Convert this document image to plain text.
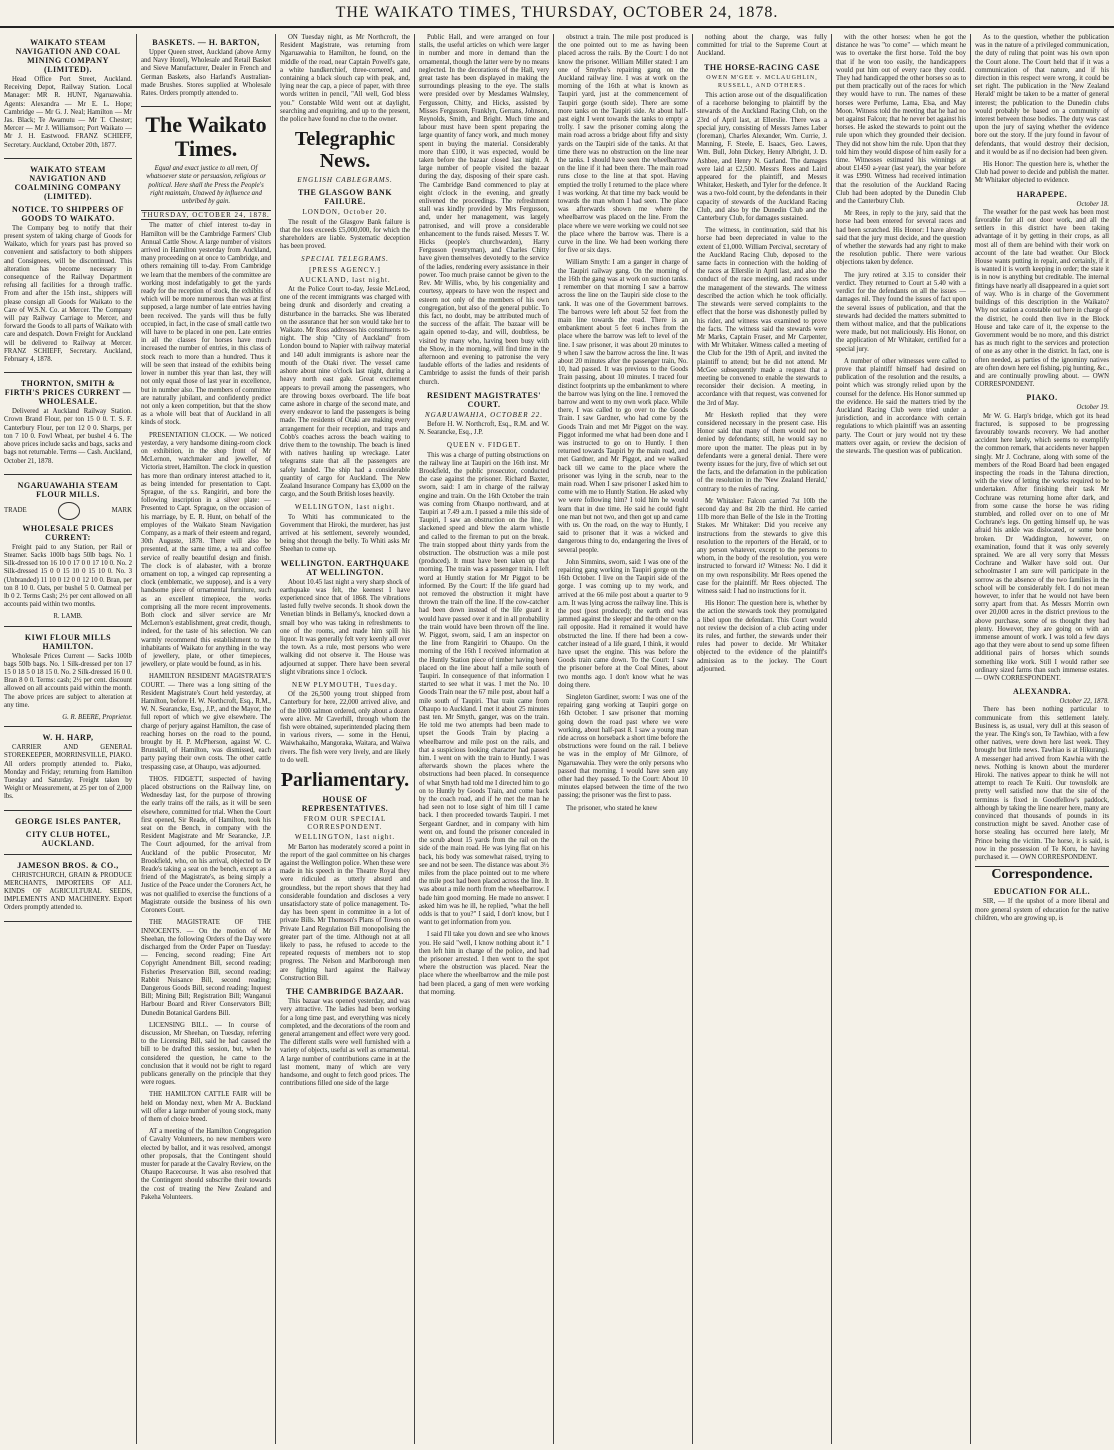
THE WAIKATO TIMES, THURSDAY, OCTOBER 24, 1878.
WAIKATO STEAM NAVIGATION AND COAL MINING COMPANY (LIMITED).

Head Office Port Street, Auckland. Receiving Depot, Railway Station. Local Manager: MR R. HUNT, Ngaruawahia. Agents: Alexandra — Mr E. L. Hope; Cambridge — Mr G. J. Neal; Hamilton — Mr Jas. Black; Te Awamutu — Mr T. Chester; Mercer — Mr J. Williamson; Port Waikato — Mr J. H. Eastwood. FRANZ SCHIEFF, Secretary. Auckland, October 20th, 1877.

WAIKATO STEAM NAVIGATION AND COALMINING COMPANY (LIMITED).
NOTICE. TO SHIPPERS OF GOODS TO WAIKATO.

The Company beg to notify that their present system of taking charge of Goods for Waikato, which for years past has proved so convenient and satisfactory to both shippers and Consignees, will be discontinued. This alteration has become necessary in consequence of the Railway Department refusing all facilities for a through traffic. From and after the 15th inst., shippers will please consign all Goods for Waikato to the Care of W.S.N. Co. at Mercer. The Company will pay Railway Carriage to Mercer, and forward the Goods to all parts of Waikato with care and despatch. Down Freight for Auckland will be delivered to Railway at Mercer. FRANZ SCHIEFF, Secretary. Auckland, February 4, 1878.

THORNTON, SMITH & FIRTH'S PRICES CURRENT — WHOLESALE.

Delivered at Auckland Railway Station. Crown Brand Flour, per ton 15 0 0. T. S. F. Canterbury Flour, per ton 12 0 0. Sharps, per ton 7 10 0. Fowl Wheat, per bushel 4 6. The above prices include sacks and bags, sacks and bags not returnable. Terms — Cash. Auckland, October 21, 1878.

NGARUAWAHIA STEAM FLOUR MILLS.
TRADE	MARK
WHOLESALE PRICES CURRENT:

Freight paid to any Station, per Rail or Steamer. Sacks 100lb bags 50lb bags. No. 1 Silk-dressed ton 16 10 0 17 0 0 17 10 0. No. 2 Silk-dressed 15 0 0 15 10 0 15 10 0. No. 3 (Unbranded) 11 10 0 12 0 0 12 10 0. Bran, per ton 8 10 0. Oats, per bushel 5 0. Oatmeal per lb 0 2. Terms Cash; 2½ per cent allowed on all accounts paid within two months.

R. LAMB.
KIWI FLOUR MILLS HAMILTON.

Wholesale Prices Current — Sacks 100lb bags 50lb bags. No. 1 Silk-dressed per ton 17 15 0 18 5 0 18 15 0. No. 2 Silk-dressed 16 0 0. Bran 8 0 0. Terms: cash; 2½ per cent. discount allowed on all accounts paid within the month. The above prices are subject to alteration at any time.

G. R. BEERE, Proprietor.
W. H. HARP,

CARRIER AND GENERAL STOREKEEPER, MORRINSVILLE, PIAKO. All orders promptly attended to. Piako, Monday and Friday; returning from Hamilton Tuesday and Saturday. Freight taken by Weight or Measurement, at 25 per ton of 2,000 lbs.

GEORGE ISLES PANTER,
CITY CLUB HOTEL, AUCKLAND.
JAMESON BROS. & CO.,

CHRISTCHURCH, GRAIN & PRODUCE MERCHANTS, IMPORTERS OF ALL KINDS OF AGRICULTURAL SEEDS, IMPLEMENTS AND MACHINERY. Export Orders promptly attended to.

BASKETS. — H. BARTON,

Upper Queen street, Auckland (above Army and Navy Hotel), Wholesale and Retail Basket and Sieve Manufacturer, Dealer in French and German Baskets, also Harland's Australian-made Brushes. Stores supplied at Wholesale Rates. Orders promptly attended to.

The Waikato Times.

Equal and exact justice to all men, Of whatsoever state or persuasion, religious or political. Here shall the Press the People's right maintain, Unawed by influence and unbribed by gain.

THURSDAY, OCTOBER 24, 1878.

The matter of chief interest to-day in Hamilton will be the Cambridge Farmers' Club Annual Cattle Show. A large number of visitors arrived in Hamilton yesterday from Auckland, many proceeding on at once to Cambridge, and others remaining till to-day. From Cambridge we learn that the members of the committee are working most indefatigably to get the yards ready for the reception of stock, the exhibits of which will be more numerous than was at first supposed, a large number of late entries having been received. The yards will thus be fully occupied, in fact, in the case of small cattle two will have to be placed in one pen. Late entries in all the classes for horses have much increased the number of entries, in this class of stock reach to more than a hundred. Thus it will be seen that instead of the exhibits being lower in number this year than last, they will not only equal those of last year in excellence, but in number also. The members of committee are naturally jubilant, and confidently predict not only a keen competition, but that the show as a whole will beat that of Auckland in all kinds of stock.

PRESENTATION CLOCK. — We noticed yesterday, a very handsome dining-room clock on exhibition, in the shop front of Mr McLernon, watchmaker and jeweller, of Victoria street, Hamilton. The clock in question has more than ordinary interest attached to it, as being intended for presentation to Capt. Sprague, of the s.s. Rangiriri, and bore the following inscription in a silver plate: — Presented to Capt. Sprague, on the occasion of his marriage, by E. R. Hunt, on behalf of the employes of the Waikato Steam Navigation Company, as a mark of their esteem and regard, 30th Auguste, 1878. There will also be presented, at the same time, a tea and coffee service of really beautiful design and finish. The clock is of alabaster, with a bronze ornament on top, a winged cap representing a clock (emblematic, we suppose), and is a very handsome piece of ornamental furniture, such as an excellent timepiece, the works comprising all the more recent improvements. Both clock and silver service are Mr McLernon's establishment, great credit, though, indeed, for the taste of his selection. We can warmly recommend this establishment to the inhabitants of Waikato for anything in the way of jewellery, plate, or other timepieces, jewellery, or plate would be found, as in his.

HAMILTON RESIDENT MAGISTRATE'S COURT. — There was a long sitting of the Resident Magistrate's Court held yesterday, at Hamilton, before H. W. Northcroft, Esq., R.M., W. N. Searancke, Esq., J.P., and the Mayor, the full report of which we give elsewhere. The charge of perjury against Hamilton, the case of reaching horses on the road to the pound, brought by H. P. McPherson, against W. C. Brunskill, of Hamilton, was dismissed, each party paying their own costs. The other cattle trespassing case, at Ohaupo, was adjourned.

THOS. FIDGETT, suspected of having placed obstructions on the Railway line, on Wednesday last, for the purpose of throwing the early trains off the rails, as it will be seen elsewhere, committed for trial. When the Court first opened, Sir Reade, of Hamilton, took his seat on the Bench, in company with the Resident Magistrate and Mr Searancke, J.P. The Court adjourned, for the arrival from Auckland of the public Prosecutor, Mr Brookfield, who, on his arrival, objected to Dr Reade's taking a seat on the bench, except as a friend of the Magistrate's, as being simply a Justice of the Peace under the Coroners Act, he was not qualified to exercise the functions of a Magistrate outside the business of his own Coroners Court.

THE MAGISTRATE OF THE INNOCENTS. — On the motion of Mr Sheehan, the following Orders of the Day were discharged from the Order Paper on Tuesday: — Fencing, second reading; Fine Art Copyright Amendment Bill, second reading; Fisheries Preservation Bill, second reading; Rabbit Nuisance Bill, second reading; Dangerous Goods Bill, second reading; Inquest Bill; Mining Bill; Registration Bill; Wanganui Harbour Board and River Conservators Bill; Dunedin Botanical Gardens Bill.

LICENSING BILL. — In course of discussion, Mr Sheehan, on Tuesday, referring to the Licensing Bill, said he had caused the bill to be drafted this session, but, when he considered the question, he came to the conclusion that it would not be right to regard publicans generally on the principle that they were rogues.

THE HAMILTON CATTLE FAIR will be held on Monday next, when Mr A. Buckland will offer a large number of young stock, many of them of choice breed.

AT a meeting of the Hamilton Congregation of Cavalry Volunteers, no new members were elected by ballot, and it was resolved, amongst other proposals, that the Contingent should muster for parade at the Cavalry Review, on the Ohaupo Racecourse. It was also resolved that the Contingent should subscribe their towards the cost of treating the New Zealand and Pakeha Volunteers.

ON Tuesday night, as Mr Northcroft, the Resident Magistrate, was returning from Ngaruawahia to Hamilton, he found, on the middle of the road, near Captain Powell's gate, a white handkerchief, three-cornered, and containing a black slouch cap with peak, and, lying near the cap, a piece of paper, with three words written in pencil, "All well, God bless you." Constable Wild went out at daylight, searching and enquiring, and up to the present, the police have found no clue to the owner.

Telegraphic News.
ENGLISH CABLEGRAMS.
THE GLASGOW BANK FAILURE.
LONDON, October 20.

The result of the Glasgow Bank failure is that the loss exceeds £5,000,000, for which the shareholders are liable. Systematic deception has been proved.

SPECIAL TELEGRAMS.
[PRESS AGENCY.]
AUCKLAND, last night.

At the Police Court to-day, Jessie McLeod, one of the recent immigrants was charged with being drunk and disorderly and creating a disturbance in the barracks. She was liberated on the assurance that her son would take her to Waikato. Mr Ross addresses his constituents to-night. The ship "City of Auckland" from London bound to Napier with railway material and 140 adult immigrants is ashore near the mouth of the Otaki river. The vessel came ashore about nine o'clock last night, during a heavy north east gale. Great excitement appears to prevail among the passengers, who are throwing boxes overboard. The life boat came ashore in charge of the second mate, and every endeavor to land the passengers is being made. The residents of Otaki are making every arrangement for their reception, and traps and Cobb's coaches across the beach waiting to drive them to the township. The beach is lined with natives hauling up wreckage. Later telegrams state that all the passengers are safely landed. The ship had a considerable quantity of cargo for Auckland. The New Zealand Insurance Company has £3,000 on the cargo, and the South British loses heavily.

WELLINGTON, last night.

To Whiti has communicated to the Government that Hiroki, the murderer, has just arrived at his settlement, severely wounded, being shot through the belly. To Whiti asks Mr Sheehan to come up.

WELLINGTON. EARTHQUAKE AT WELLINGTON.

About 10.45 last night a very sharp shock of earthquake was felt, the keenest I have experienced since that of 1868. The vibrations lasted fully twelve seconds. It shook down the Venetian blinds in Bellamy's, knocked down a small boy who was taking in refreshments to one of the rooms, and made him spill his liquor. It was generally felt very keenly all over the town. As a rule, most persons who were walking did not observe it. The House was adjourned at supper. There have been several slight vibrations since 1 o'clock.

NEW PLYMOUTH, Tuesday.

Of the 26,500 young trout shipped from Canterbury for here, 22,000 arrived alive, and of the 1000 salmon ordered, only about a dozen were alive. Mr Caverhill, through whom the fish were obtained, superintended placing them in various rivers, — some in the Henui, Waiwhakaiho, Mangoraka, Waitara, and Waiwa rivers. The fish were very lively, and are likely to do well.

Parliamentary.
HOUSE OF REPRESENTATIVES.
FROM OUR SPECIAL CORRESPONDENT.
WELLINGTON, last night.

Mr Barton has moderately scored a point in the report of the gaol committee on his charges against the Wellington police. When these were made in his speech in the Theatre Royal they were ridiculed as utterly absurd and groundless, but the report shows that they had considerable foundation and discloses a very unsatisfactory state of police management. To-day has been spent in committee in a lot of private Bills. Mr Thomson's Plans of Towns on Private Land Regulation Bill monopolising the greater part of the time. Although not at all likely to pass, he refused to accede to the repeated requests of members not to stop progress. The Nelson and Marlborough men are fighting hard against the Railway Construction Bill.

THE CAMBRIDGE BAZAAR.

This bazaar was opened yesterday, and was very attractive. The ladies had been working for a long time past, and everything was nicely completed, and the decorations of the room and general arrangement and effect were very good. The different stalls were well furnished with a variety of objects, useful as well as ornamental. A large number of contributions came in at the last moment, many of which are very handsome, and ought to fetch good prices. The contributions filled one side of the large

Public Hall, and were arranged on four stalls, the useful articles on which were larger in number and more in demand than the ornamental, though the latter were by no means neglected. In the decorations of the Hall, very great taste has been displayed in making the surroundings pleasing to the eye. The stalls were presided over by Mesdames Walmsley, Fergusson, Chitty, and Hicks, assisted by Misses Fergusson, Franklyn, Gerrans, Johnson, Reynolds, Smith, and Bright. Much time and labour must have been spent preparing the large quantity of fancy work, and much money spent in buying the material. Considerably more than £100, it was expected, would be taken before the bazaar closed last night. A large number of people visited the bazaar during the day, disposing of their spare cash. The Cambridge Band commenced to play at eight o'clock in the evening, and greatly enlivened the proceedings. The refreshment stall was kindly provided by Mrs Fergusson, and, under her management, was largely patronised, and will prove a considerable enhancement to the funds raised. Messrs T. W. Hicks (people's churchwarden), Harry Fergusson (vestryman), and Charles Chitty have given themselves devotedly to the service of the ladies, rendering every assistance in their power. Too much praise cannot be given to the Rev. Mr Willis, who, by his congeniality and courtesy, appears to have won the respect and esteem not only of the members of his own congregation, but also of the general public. To this fact, no doubt, may be attributed much of the success of the affair. The bazaar will be again opened to-day, and will, doubtless, be visited by many who, having been busy with the Show, in the morning, will find time in the afternoon and evening to patronise the very laudable efforts of the ladies and residents of Cambridge to assist the funds of their parish church.

RESIDENT MAGISTRATES' COURT.
NGARUAWAHIA, OCTOBER 22.

Before H. W. Northcroft, Esq., R.M. and W. N. Searancke, Esq., J.P.

QUEEN v. FIDGET.

This was a charge of putting obstructions on the railway line at Taupiri on the 16th inst. Mr Brookfield, the public prosecutor, conducted the case against the prisoner. Richard Baxter, sworn, said: I am in charge of the railway engine and train. On the 16th October the train was coming from Ohaupo northward, and at Taupiri at 7.49 a.m. I passed a mile this side of Taupiri, I saw an obstruction on the line, I slackened speed and blew the alarm whistle and called to the fireman to put on the break. The train stopped about thirty yards from the obstruction. The obstruction was a mile post (produced). It must have been taken up that morning. The train was a passenger train. I left word at Huntly station for Mr Piggot to be informed. By the Court: If the life guard had not removed the obstruction it might have thrown the train off the line. If the cow-catcher had been down instead of the life guard it would have passed over it and in all probability the train would have been thrown off the line. W. Piggot, sworn, said, I am an inspector on the line from Rangiriri to Ohaupo. On the morning of the 16th I received information at the Huntly Station piece of timber having been placed on the line about half a mile south of Taupiri. In consequence of that information I started to see what it was. I met the No. 10 Goods Train near the 67 mile post, about half a mile south of Taupiri. That train came from Ohaupo to Auckland. I met it about 25 minutes past ten. Mr Smyth, ganger, was on the train. He told me two attempts had been made to upset the Goods Train by placing a wheelbarrow and mile post on the rails, and that a suspicious looking character had passed him. I went on with the train to Huntly. I was afterwards shown the places where the obstructions had been placed. In consequence of what Smyth had told me I directed him to go on to Huntly by Goods Train, and come back by the coach road, and if he met the man he had seen not to lose sight of him till I came back. I then proceeded towards Taupiri. I met Sergeant Gardner, and in company with him went on, and found the prisoner concealed in the scrub about 15 yards from the rail on the side of the main road. He was lying flat on his back, his body was somewhat raised, trying to see and not be seen. The distance was about 3½ miles from the place pointed out to me where the mile post had been placed across the line. It was about a mile north from the wheelbarrow. I bade him good morning. He made no answer. I asked him was he ill, he replied, "what the hell odds is that to you?" I said, I don't know, but I want to get information from you.

I said I'll take you down and see who knows you. He said "well, I know nothing about it." I then left him in charge of the police, and had the prisoner arrested. I then went to the spot where the obstruction was placed. Near the place where the wheelbarrow and the mile post had been placed, a gang of men were working that morning.

obstruct a train. The mile post produced is the one pointed out to me as having been placed across the rails. By the Court: I do not know the prisoner. William Miller stated: I am one of Smythe's repairing gang on the Auckland railway line. I was at work on the morning of the 16th at what is known as Taupiri yard, just at the commencement of Taupiri gorge (south side). There are some more tanks on the Taupiri side. At about half-past eight I went towards the tanks to empty a trolly. I saw the prisoner coming along the main road across a bridge about fifty and sixty yards on the Taupiri side of the tanks. At that time there was no obstruction on the line near the tanks. I should have seen the wheelbarrow on the line if it had been there. The main road runs close to the line at that spot. Having emptied the trolly I returned to the place where I was working. At that time my back would be towards the man whom I had seen. The place was afterwards shown me where the wheelbarrow was placed on the line. From the place where we were working we could not see the place where the barrow was. There is a curve in the line. We had been working there for five or six days.

William Smyth: I am a ganger in charge of the Taupiri railway gang. On the morning of the 16th the gang was at work on suction tanks. I remember on that morning I saw a barrow across the line on the Taupiri side close to the tank. It was one of the Government barrows. The barrows were left about 52 feet from the main line towards the road. There is an embankment about 5 feet 6 inches from the place where the barrow was left to level of the line. I saw prisoner, it was about 20 minutes to 9 when I saw the barrow across the line. It was about 20 minutes after the passenger train, No. 10, had passed. It was previous to the Goods Train passing, about 10 minutes. I traced four distinct footprints up the embankment to where the barrow was lying on the line. I removed the barrow and went to my own work place. While there, I was called to go over to the Goods Train. I saw Gardner, who had come by the Goods Train and met Mr Piggot on the way. Piggot informed me what had been done and I was instructed to go on to Huntly. I then returned towards Taupiri by the main road, and met Gardner, and Mr Piggot, and we walked back till we came to the place where the prisoner was lying in the scrub, near to the main road. When I saw prisoner I asked him to come with me to Huntly Station. He asked why we were following him? I told him he would learn that in due time. He said he could fight one man but not two, and then got up and came with us. On the road, on the way to Huntly, I said to prisoner that it was a wicked and dangerous thing to do, endangering the lives of several people.

John Simmins, sworn, said: I was one of the repairing gang working in Taupiri gorge on the 16th October. I live on the Taupiri side of the gorge. I was coming up to my work, and arrived at the 66 mile post about a quarter to 9 a.m. It was lying across the railway line. This is the post (post produced); the earth end was jammed against the sleeper and the other on the rail opposite. Had it remained it would have obstructed the line. If there had been a cow-catcher instead of a life guard, I think, it would have upset the engine. This was before the Goods train came down. To the Court: I saw the prisoner before at the Coal Mines, about two months ago. I don't know what he was doing there.

Singleton Gardiner, sworn: I was one of the repairing gang working at Taupiri gorge on 16th October. I saw prisoner that morning going down the road past where we were working, about half-past 8. I saw a young man ride across on horseback a short time before the obstructions were found on the rail. I believe he was in the employ of Mr Gilmore, of Ngaruawahia. They were the only persons who passed that morning. I would have seen any other had they passed. To the Court: About 10 minutes elapsed between the time of the two passing; the prisoner was the first to pass.

The prisoner, who stated he knew

nothing about the charge, was fully committed for trial to the Supreme Court at Auckland.

THE HORSE-RACING CASE
OWEN M'GEE v. MCLAUGHLIN, RUSSELL, AND OTHERS.

This action arose out of the disqualification of a racehorse belonging to plaintiff by the stewards of the Auckland Racing Club, on the 23rd of April last, at Ellerslie. There was a special jury, consisting of Messrs James Laber (foreman), Charles Alexander, Wm. Currie, J. Manning, F. Steele, E. Isaacs, Geo. Lawes, Wm. Bull, John Dickey, Henry Albright, J. D. Ashbee, and Henry N. Garland. The damages were laid at £2,500. Messrs Rees and Laird appeared for the plaintiff, and Messrs Whitaker, Hesketh, and Tyler for the defence. It was a two-fold count, by the defendants in their capacity of stewards of the Auckland Racing Club, and also by the Dunedin Club and the Canterbury Club, for damages sustained.

The witness, in continuation, said that his horse had been depreciated in value to the extent of £1,000. William Percival, secretary of the Auckland Racing Club, deposed to the same facts in connection with the holding of the races at Ellerslie in April last, and also the conduct of the race meeting, and races under the management of the stewards. The witness described the action which he took officially. The stewards were served complaints to the effect that the horse was dishonestly pulled by his rider, and witness was examined to prove the facts. The witness said the stewards were Mr Marks, Captain Fraser, and Mr Carpenter, with Mr Whitaker. Witness called a meeting of the Club for the 19th of April, and invited the plaintiff to attend; but he did not attend. Mr McGee subsequently made a request that a meeting be convened to enable the stewards to reconsider their decision. A meeting, in accordance with that request, was convened for the 3rd of May.

Mr Hesketh replied that they were considered necessary in the present case. His Honor said that many of them would not be denied by defendants; still, he would say no more upon the matter. The pleas put in by defendants were a general denial. There were twenty issues for the jury, five of which set out the facts, and the defamation in the publication of the resolution in the 'New Zealand Herald,' contrary to the rules of racing.

Mr Whitaker: Falcon carried 7st 10lb the second day and 8st 2lb the third. He carried 11lb more than Belle of the Isle in the Trotting Stakes. Mr Whitaker: Did you receive any instructions from the stewards to give this resolution to the reporters of the Herald, or to any person whatever, except to the persons to whom, in the body of the resolution, you were instructed to forward it? Witness: No. I did it on my own responsibility. Mr Rees opened the case for the plaintiff. Mr Rees objected. The witness said: I had no instructions for it.

His Honor: The question here is, whether by the action the stewards took they promulgated a libel upon the defendant. This Court would not review the decision of a club acting under its rules, and further, the stewards under their rules had power to decide. Mr Whitaker objected to the evidence of the plaintiff's admission as to the jockey. The Court adjourned.

with the other horses: when he got the distance he was "to come" — which meant he was to overtake the first horse. Told the boy that if he won too easily, the handicappers would put him out of every race they could. They had handicapped the other horses so as to put them practically out of the races for which they would have to run. The names of these horses were Perfume, Lama, Elsa, and May Moon. Witness told the meeting that he had no bet against Falcon; that he never bet against his horses. He asked the stewards to point out the rule upon which they grounded their decision. They did not show him the rule. Upon that they told him they would dispose of him easily for a time. Witnesses estimated his winnings at about £1450 a-year (last year), the year before it was £990. Witness had received intimation that the resolution of the Auckland Racing Club had been adopted by the Dunedin Club and the Canterbury Club.

Mr Rees, in reply to the jury, said that the horse had been entered for several races and had been scratched. His Honor: I have already said that the jury must decide, and the question of whether the stewards had any right to make the resolution public. There were various objections taken by defence.

The jury retired at 3.15 to consider their verdict. They returned to Court at 5.40 with a verdict for the defendants on all the issues — damages nil. They found the issues of fact upon the several issues of publication, and that the stewards had decided the matters submitted to them without malice, and that the publications were made, but not maliciously. His Honor, on the application of Mr Whitaker, certified for a special jury.

A number of other witnesses were called to prove that plaintiff himself had desired on publication of the resolution and the results, a point which was strongly relied upon by the counsel for the defence. His Honor summed up the evidence. He said the matters tried by the Auckland Racing Club were tried under a jurisdiction, and in accordance with certain regulations to which plaintiff was an assenting party. The Court or jury would not try these matters over again, or review the decision of the stewards. The question was of publication.

As to the question, whether the publication was in the nature of a privileged communication, the duty of ruling that point was his own upon the Court alone. The Court held that if it was a communication of that nature, and if his direction in this respect were wrong, it could be set right. The publication in the 'New Zealand Herald' might be taken to be a matter of general interest; the publication to the Dunedin clubs would probably be based on a community of interest between those bodies. The duty was cast upon the jury of saying whether the evidence bore out the story. If the jury found in favour of defendants, that would destroy their decision, and it would be as if no decision had been given.

His Honor: The question here is, whether the Club had power to decide and publish the matter. Mr Whitaker objected to evidence.

HARAPEPE.
October 18.

The weather for the past week has been most favorable for all out door work, and all the settlers in this district have been taking advantage of it by getting in their crops, as all most all of them are behind with their work on account of the late bad weather. Our Block House wants putting in repair, and certainly, if it is wanted it is worth keeping in order; the state it is in now is anything but creditable. The internal fittings have nearly all disappeared in a quiet sort of way. Who is in charge of the Government buildings of this description in the Waikato? Why not station a constable out here in charge of the district, he could then live in the Block House and take care of it, the expense to the Government would be no more, and this district has as much right to the services and protection of one as any other in the district. In fact, one is often needed, as parties of the ignominy natives are often down here eel fishing, pig hunting, &c., and are continually prowling about. — OWN CORRESPONDENT.

PIAKO.
October 19.

Mr W. G. Harp's bridge, which got its head fractured, is supposed to be progressing favourably towards recovery. We had another accident here lately, which seems to exemplify the common remark, that accidents never happen singly. Mr J. Cochrane, along with some of the members of the Road Board had been engaged inspecting the roads in the Tahuna direction, with the view of letting the works required to be undertaken. After finishing their task Mr Cochrane was returning home after dark, and from some cause the horse he was riding stumbled, and rolled over on to one of Mr Cochrane's legs. On getting himself up, he was afraid his ankle was dislocated, or some bone broken. Dr Waddington, however, on examination, found that it was only severely sprained. We are all very sorry that Messrs Cochrane and Walker have sold out. Our schoolmaster I am sure will participate in the sorrow as the absence of the two families in the school will be considerably felt. I do not mean however, to infer that he would not have been sorry apart from that. As Messrs Morrin own over 20,000 acres in the district previous to the above purchase, some of us thought they had plenty. However, they are going on with an immense amount of work. I was told a few days ago that they were about to send up some fifteen additional pairs of horses which sounds something like work. Still I would rather see ordinary sized farms than such immense estates. — OWN CORRESPONDENT.

ALEXANDRA.
October 22, 1878.

There has been nothing particular to communicate from this settlement lately. Business is, as usual, very dull at this season of the year. The King's son, Te Tawhiao, with a few other natives, were down here last week. They brought but little news. Tawhiao is at Hikurangi. A messenger had arrived from Kawhia with the news. Nothing is known about the murderer Hiroki. The natives appear to think he will not attempt to reach Te Kuiti. Our townsfolk are pretty well satisfied now that the site of the terminus is fixed in Goodfellow's paddock, although by taking the line nearer here, many are convinced that thousands of pounds in its construction might be saved. Another case of horse stealing has occurred here lately, Mr Prince being the victim. The horse, it is said, is now in the possession of Te Koru, he having purchased it. — OWN CORRESPONDENT.

Correspondence.
EDUCATION FOR ALL.

SIR, — If the upshot of a more liberal and more general system of education for the native children, who are growing up, is
